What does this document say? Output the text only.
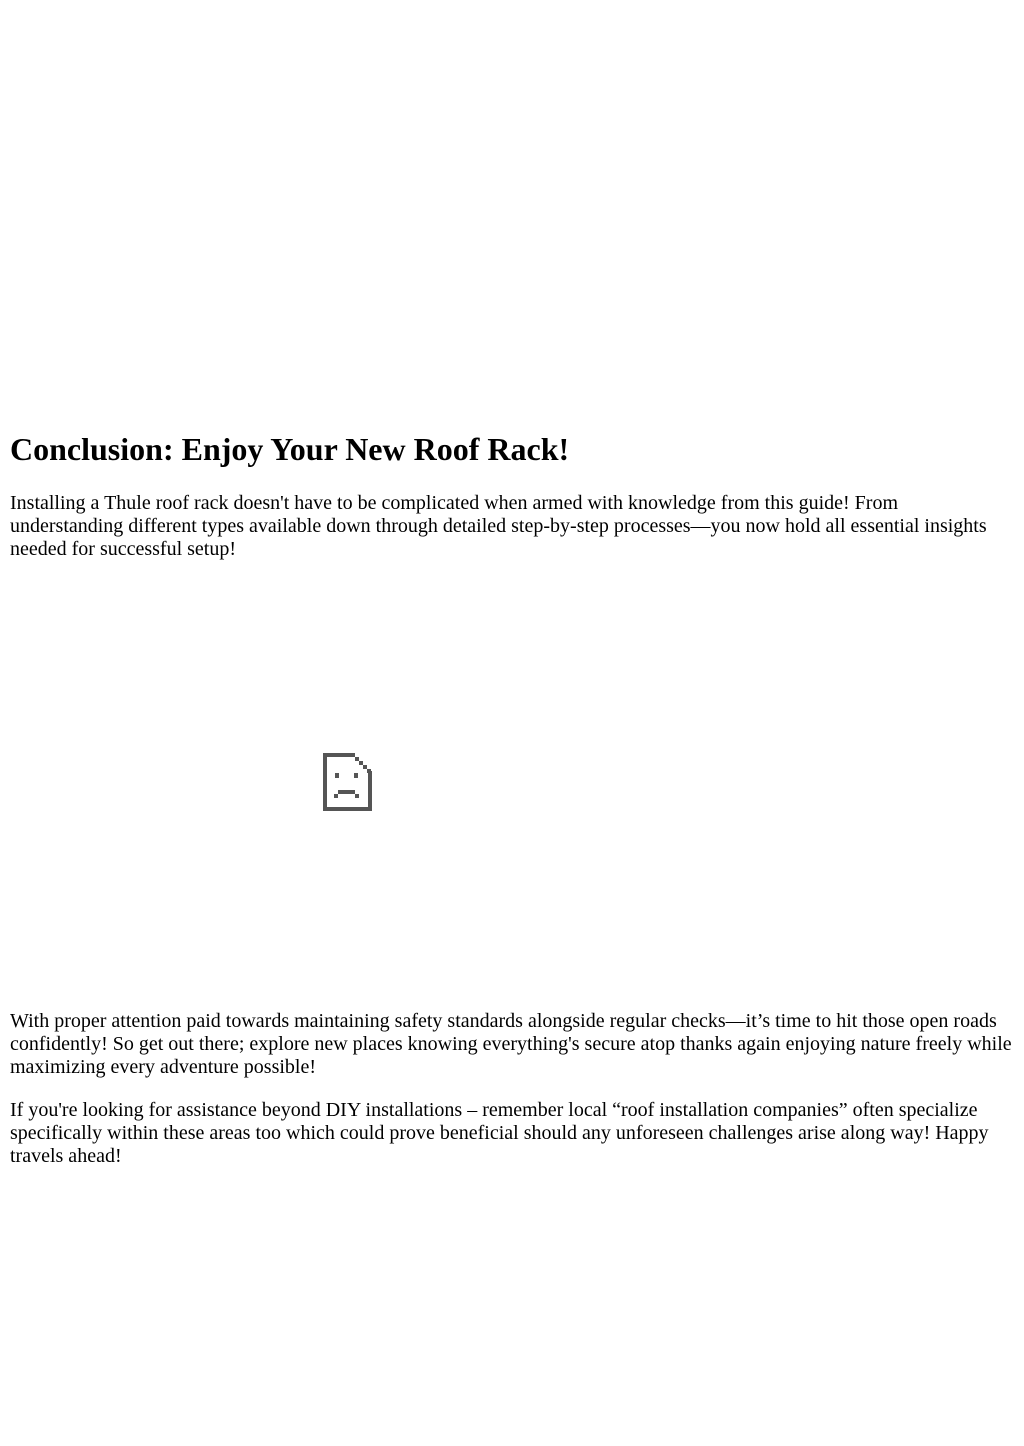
Conclusion: Enjoy Your New Roof Rack!

Installing a Thule roof rack doesn't have to be complicated when armed with knowledge from this guide! From understanding different types available down through detailed step-by-step processes—you now hold all essential insights needed for successful setup!

With proper attention paid towards maintaining safety standards alongside regular checks—it’s time to hit those open roads confidently! So get out there; explore new places knowing everything's secure atop thanks again enjoying nature freely while maximizing every adventure possible!

If you're looking for assistance beyond DIY installations – remember local “roof installation companies” often specialize specifically within these areas too which could prove beneficial should any unforeseen challenges arise along way! Happy travels ahead!
